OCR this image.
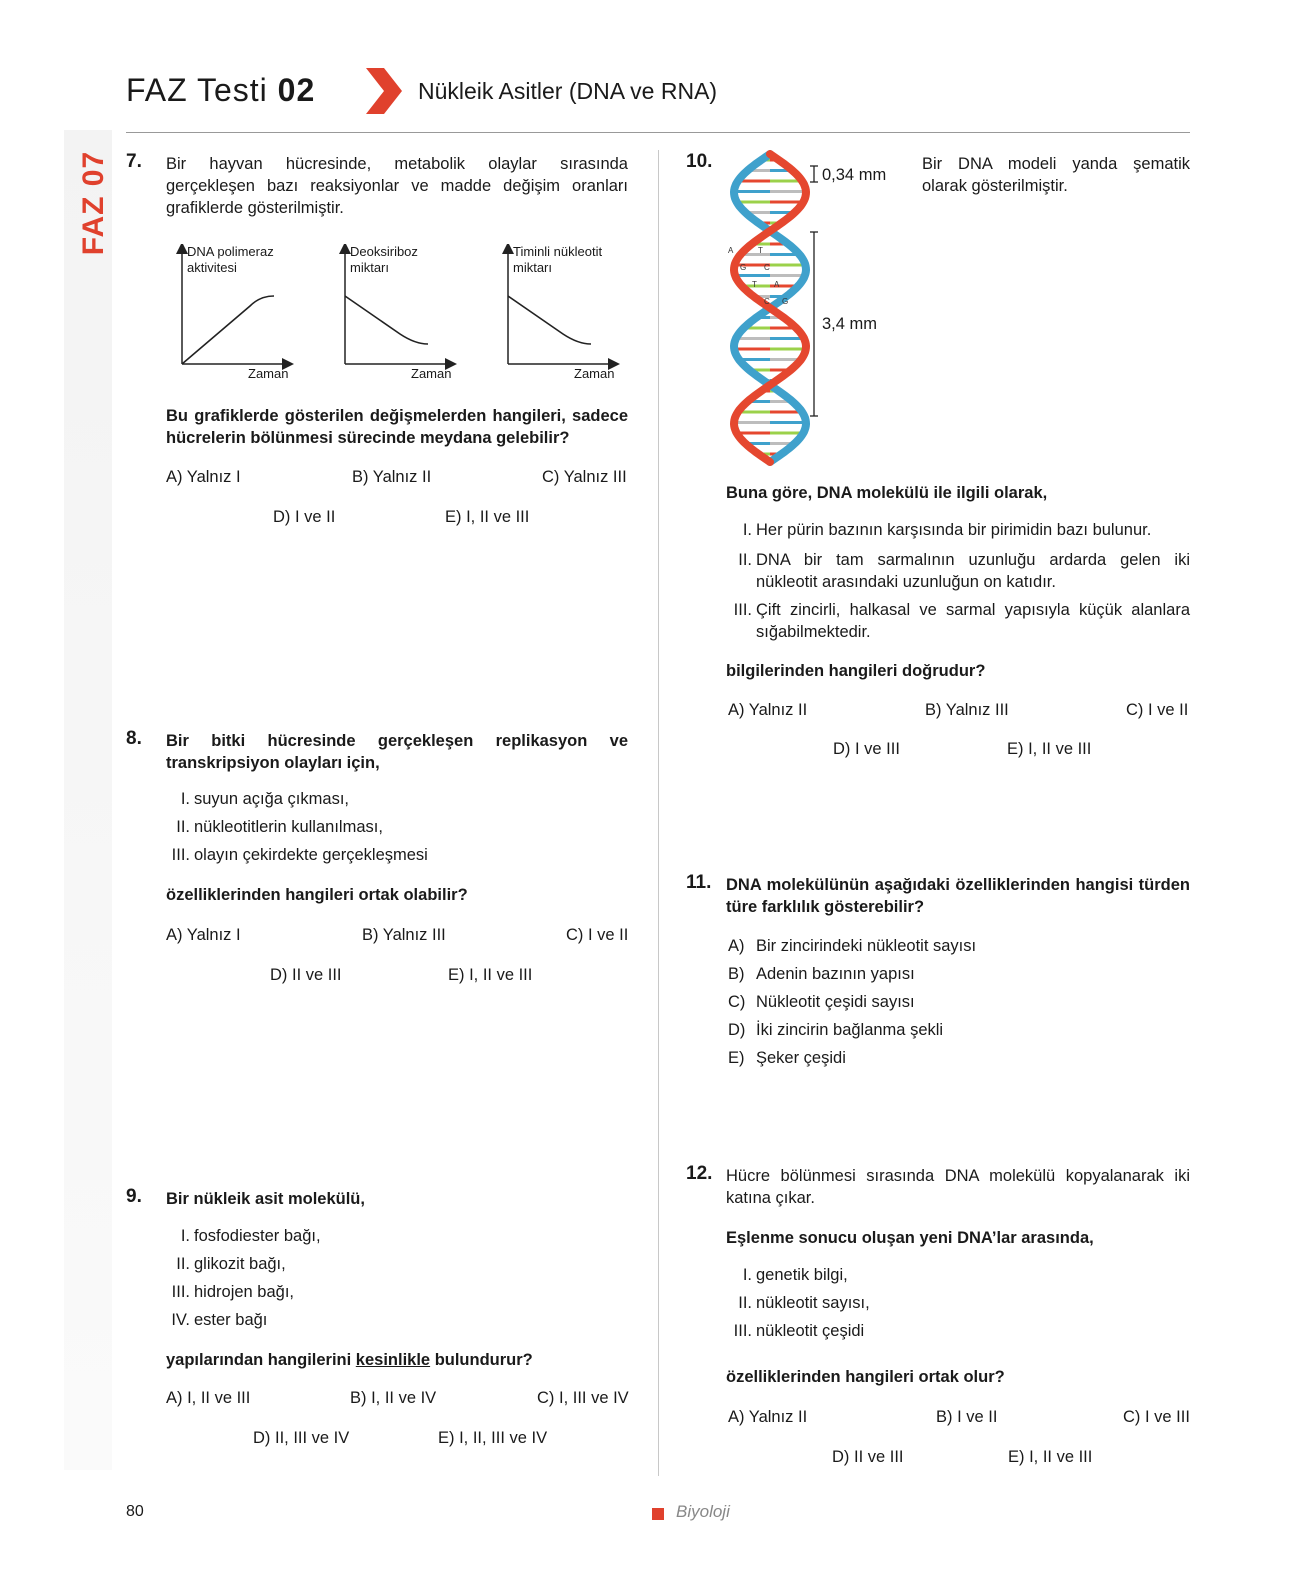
FAZ 07
FAZ Testi 02	Nükleik Asitler (DNA ve RNA)
7. Bir hayvan hücresinde, metabolik olaylar sırasında gerçekleşen bazı reaksiyonlar ve madde değişim oranları grafiklerde gösterilmiştir.
DNA polimeraz
aktivitesi
Deoksiriboz
miktarı
Timinli nükleotit
miktarı
Zaman	Zaman	Zaman
Bu grafiklerde gösterilen değişmelerden hangileri, sadece hücrelerin bölünmesi sürecinde meydana gelebilir?
A) Yalnız I	B) Yalnız II	C) Yalnız III
D) I ve II	E) I, II ve III
8. Bir bitki hücresinde gerçekleşen replikasyon ve transkripsiyon olayları için,
I. suyun açığa çıkması,
II. nükleotitlerin kullanılması,
III. olayın çekirdekte gerçekleşmesi
özelliklerinden hangileri ortak olabilir?
A) Yalnız I	B) Yalnız III	C) I ve II
D) II ve III	E) I, II ve III
9. Bir nükleik asit molekülü,
I. fosfodiester bağı,
II. glikozit bağı,
III. hidrojen bağı,
IV. ester bağı
yapılarından hangilerini kesinlikle bulundurur?
A) I, II ve III	B) I, II ve IV	C) I, III ve IV
D) II, III ve IV	E) I, II, III ve IV
10.
A	T
G C
T A
C G
0,34 mm
3,4 mm
Bir DNA modeli yanda şematik olarak gösterilmiştir.
Buna göre, DNA molekülü ile ilgili olarak,
I. Her pürin bazının karşısında bir pirimidin bazı bulunur.
II. DNA bir tam sarmalının uzunluğu ardarda gelen iki nükleotit arasındaki uzunluğun on katıdır.
III. Çift zincirli, halkasal ve sarmal yapısıyla küçük alanlara sığabilmektedir.
bilgilerinden hangileri doğrudur?
A) Yalnız II	B) Yalnız III	C) I ve II
D) I ve III	E) I, II ve III
11. DNA molekülünün aşağıdaki özelliklerinden hangisi türden türe farklılık gösterebilir?
A) Bir zincirindeki nükleotit sayısı
B) Adenin bazının yapısı
C) Nükleotit çeşidi sayısı
D) İki zincirin bağlanma şekli
E) Şeker çeşidi
12. Hücre bölünmesi sırasında DNA molekülü kopyalanarak iki katına çıkar.
Eşlenme sonucu oluşan yeni DNA’lar arasında,
I. genetik bilgi,
II. nükleotit sayısı,
III. nükleotit çeşidi
özelliklerinden hangileri ortak olur?
A) Yalnız II	B) I ve II	C) I ve III
D) II ve III	E) I, II ve III
80	Biyoloji
